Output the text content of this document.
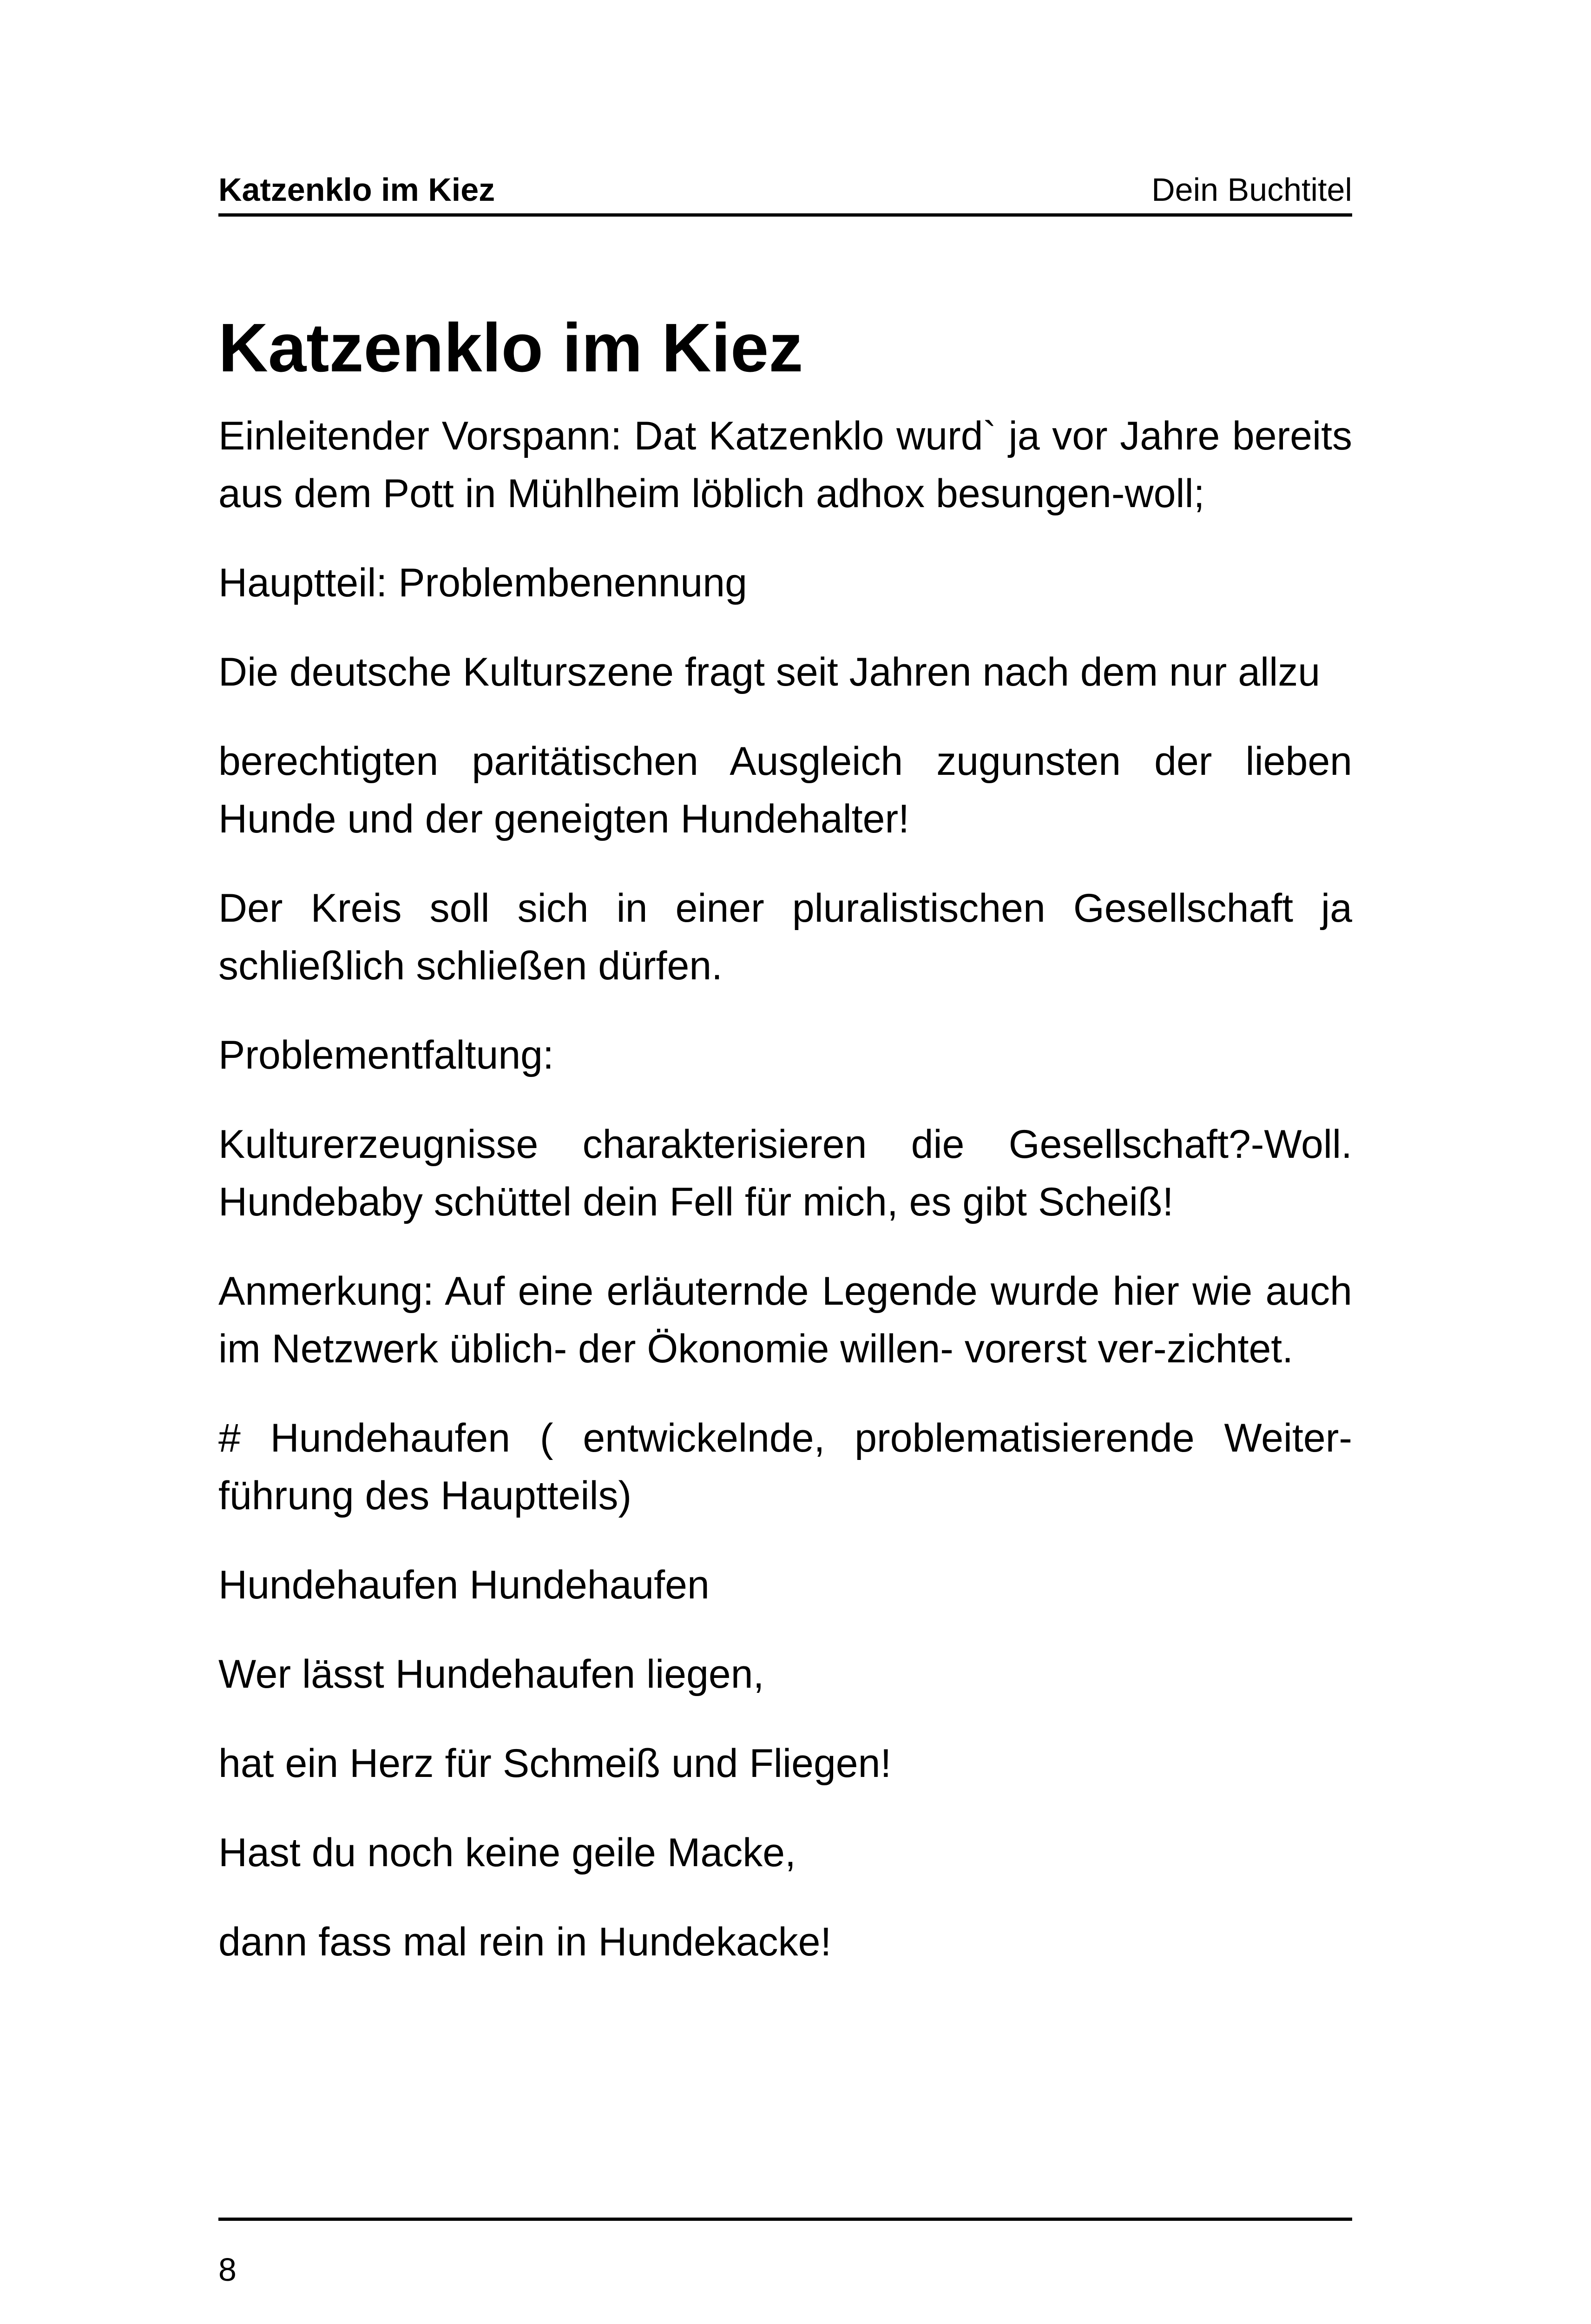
Katzenklo im Kiez	Dein Buchtitel
Katzenklo im Kiez

Einleitender Vorspann: Dat Katzenklo wurd` ja vor Jahre bereits aus dem Pott in Mühlheim löblich adhox besungen-woll;

Hauptteil: Problembenennung

Die deutsche Kulturszene fragt seit Jahren nach dem nur allzu

berechtigten paritätischen Ausgleich zugunsten der lieben Hunde und der geneigten Hundehalter!

Der Kreis soll sich in einer pluralistischen Gesellschaft ja schließlich schließen dürfen.

Problementfaltung:

Kulturerzeugnisse charakterisieren die Gesellschaft?-Woll. Hundebaby schüttel dein Fell für mich, es gibt Scheiß!

Anmerkung: Auf eine erläuternde Legende wurde hier wie auch im Netzwerk üblich- der Ökonomie willen- vorerst ver-zichtet.

# Hundehaufen ( entwickelnde, problematisierende Weiter-führung des Hauptteils)

Hundehaufen Hundehaufen

Wer lässt Hundehaufen liegen,

hat ein Herz für Schmeiß und Fliegen!

Hast du noch keine geile Macke,

dann fass mal rein in Hundekacke!

8
